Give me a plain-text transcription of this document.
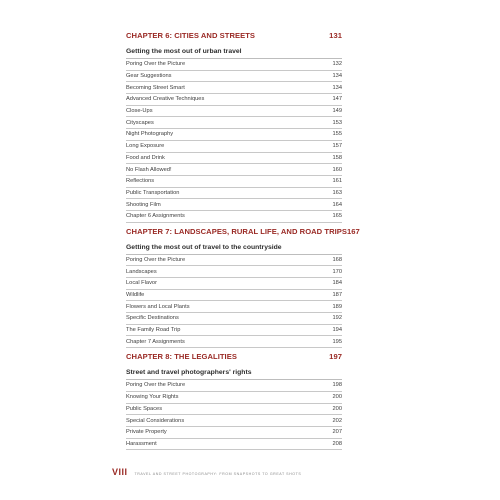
CHAPTER 6: CITIES AND STREETS	131
Getting the most out of urban travel
Poring Over the Picture	132
Gear Suggestions	134
Becoming Street Smart	134
Advanced Creative Techniques	147
Close-Ups	149
Cityscapes	153
Night Photography	155
Long Exposure	157
Food and Drink	158
No Flash Allowed!	160
Reflections	161
Public Transportation	163
Shooting Film	164
Chapter 6 Assignments	165
CHAPTER 7: LANDSCAPES, RURAL LIFE, AND ROAD TRIPS 167
Getting the most out of travel to the countryside
Poring Over the Picture	168
Landscapes	170
Local Flavor	184
Wildlife	187
Flowers and Local Plants	189
Specific Destinations	192
The Family Road Trip	194
Chapter 7 Assignments	195
CHAPTER 8: THE LEGALITIES	197
Street and travel photographers' rights
Poring Over the Picture	198
Knowing Your Rights	200
Public Spaces	200
Special Considerations	202
Private Property	207
Harassment	208
VIII TRAVEL AND STREET PHOTOGRAPHY: FROM SNAPSHOTS TO GREAT SHOTS
